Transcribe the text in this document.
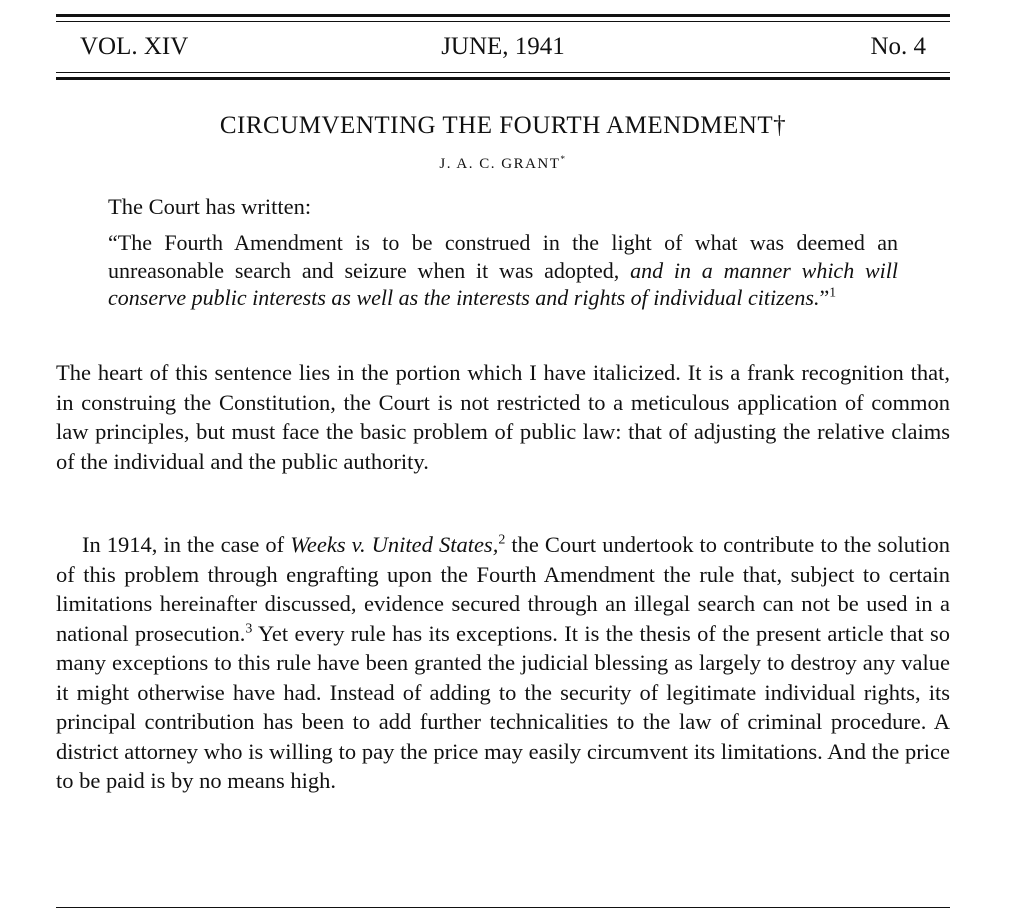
VOL. XIV	JUNE, 1941	No. 4
CIRCUMVENTING THE FOURTH AMENDMENT†
J. A. C. GRANT*

The Court has written:

“The Fourth Amendment is to be construed in the light of what was deemed an unreasonable search and seizure when it was adopted, and in a manner which will conserve public interests as well as the interests and rights of individual citizens.”$^1$

The heart of this sentence lies in the portion which I have italicized. It is a frank recognition that, in construing the Constitution, the Court is not restricted to a meticulous application of common law principles, but must face the basic problem of public law: that of adjusting the relative claims of the individual and the public authority.

In 1914, in the case of Weeks v. United States,$^2$ the Court undertook to contribute to the solution of this problem through engrafting upon the Fourth Amendment the rule that, subject to certain limitations hereinafter discussed, evidence secured through an illegal search can not be used in a national prosecution.$^3$ Yet every rule has its exceptions. It is the thesis of the present article that so many exceptions to this rule have been granted the judicial blessing as largely to destroy any value it might otherwise have had. Instead of adding to the security of legitimate individual rights, its principal contribution has been to add further technicalities to the law of criminal procedure. A district attorney who is willing to pay the price may easily circumvent its limitations. And the price to be paid is by no means high.
